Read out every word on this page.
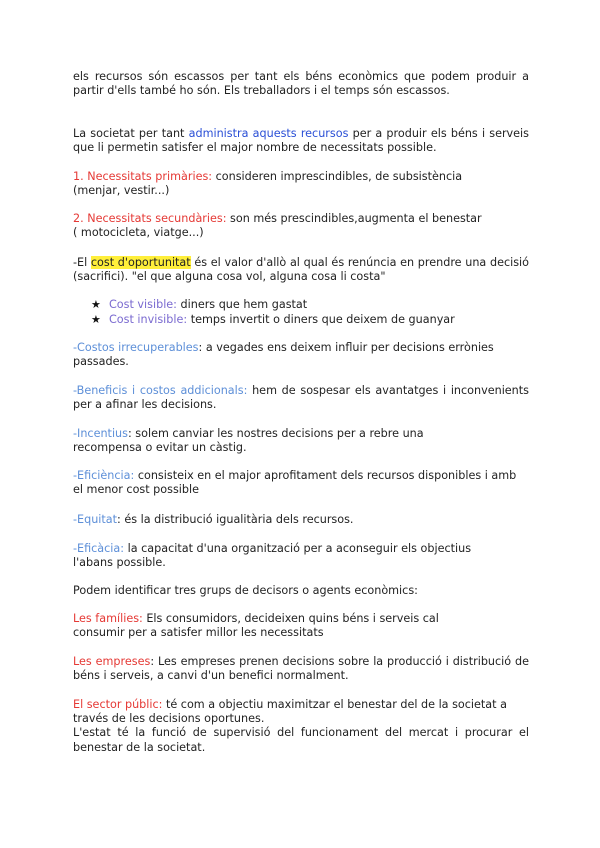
els recursos són escassos per tant els béns econòmics que podem produir a
partir d'ells també ho són. Els treballadors i el temps són escassos.

La societat per tant administra aquests recursos per a produir els béns i serveis que li permetin satisfer el major nombre de necessitats possible.

1. Necessitats primàries: consideren imprescindibles, de subsistència
(menjar, vestir...)
2. Necessitats secundàries: son més prescindibles,augmenta el benestar
( motocicleta, viatge...)

-El cost d'oportunitat és el valor d'allò al qual és renúncia en prendre una decisió (sacrifici). "el que alguna cosa vol, alguna cosa li costa"

★ Cost visible: diners que hem gastat
★ Cost invisible: temps invertit o diners que deixem de guanyar

-Costos irrecuperables: a vegades ens deixem influir per decisions errònies passades.

-Beneficis i costos addicionals: hem de sospesar els avantatges i inconvenients per a afinar les decisions.

-Incentius: solem canviar les nostres decisions per a rebre una
recompensa o evitar un càstig.

-Eficiència: consisteix en el major aprofitament dels recursos disponibles i amb el menor cost possible

-Equitat: és la distribució igualitària dels recursos.

-Eficàcia: la capacitat d'una organització per a aconseguir els objectius
l'abans possible.

Podem identificar tres grups de decisors o agents econòmics:

Les famílies: Els consumidors, decideixen quins béns i serveis cal
consumir per a satisfer millor les necessitats

Les empreses: Les empreses prenen decisions sobre la producció i distribució de béns i serveis, a canvi d'un benefici normalment.

El sector públic: té com a objectiu maximitzar el benestar del de la societat a través de les decisions oportunes.

L'estat té la funció de supervisió del funcionament del mercat i procurar el benestar de la societat.
